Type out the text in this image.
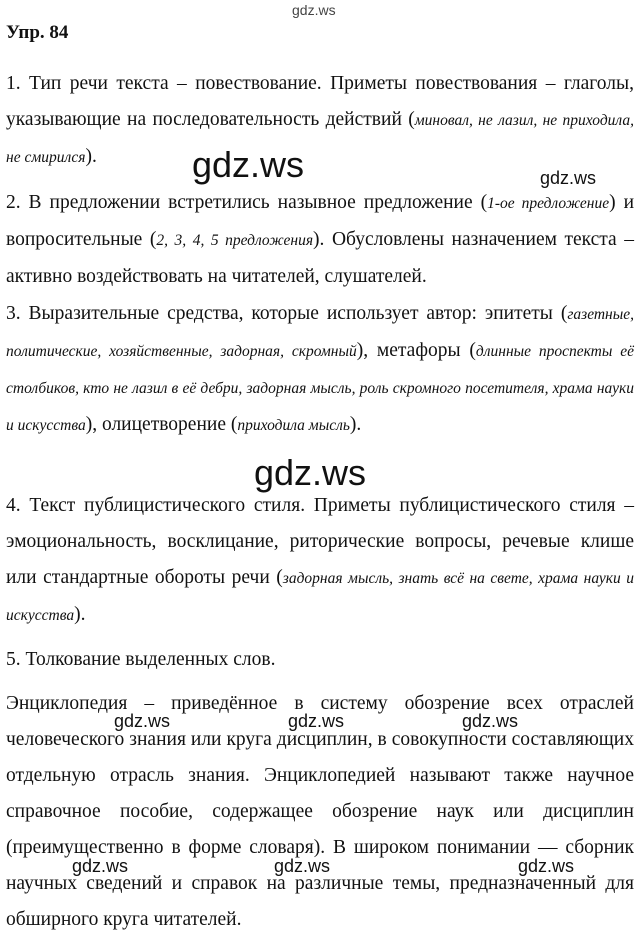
gdz.ws
Упр. 84
1. Тип речи текста – повествование. Приметы повествования – глаголы, указывающие на последовательность действий (миновал, не лазил, не приходила, не смирился).
2. В предложении встретились назывное предложение (1-ое предложение) и вопросительные (2, 3, 4, 5 предложения). Обусловлены назначением текста – активно воздействовать на читателей, слушателей.
3. Выразительные средства, которые использует автор: эпитеты (газетные, политические, хозяйственные, задорная, скромный), метафоры (длинные проспекты её столбиков, кто не лазил в её дебри, задорная мысль, роль скромного посетителя, храма науки и искусства), олицетворение (приходила мысль).
4. Текст публицистического стиля. Приметы публицистического стиля – эмоциональность, восклицание, риторические вопросы, речевые клише или стандартные обороты речи (задорная мысль, знать всё на свете, храма науки и искусства).
5. Толкование выделенных слов.
Энциклопедия – приведённое в систему обозрение всех отраслей человеческого знания или круга дисциплин, в совокупности составляющих отдельную отрасль знания. Энциклопедией называют также научное справочное пособие, содержащее обозрение наук или дисциплин (преимущественно в форме словаря). В широком понимании — сборник научных сведений и справок на различные темы, предназначенный для обширного круга читателей.
gdz.ws	gdz.ws
gdz.ws
gdz.ws	gdz.ws	gdz.ws
gdz.ws	gdz.ws	gdz.ws
